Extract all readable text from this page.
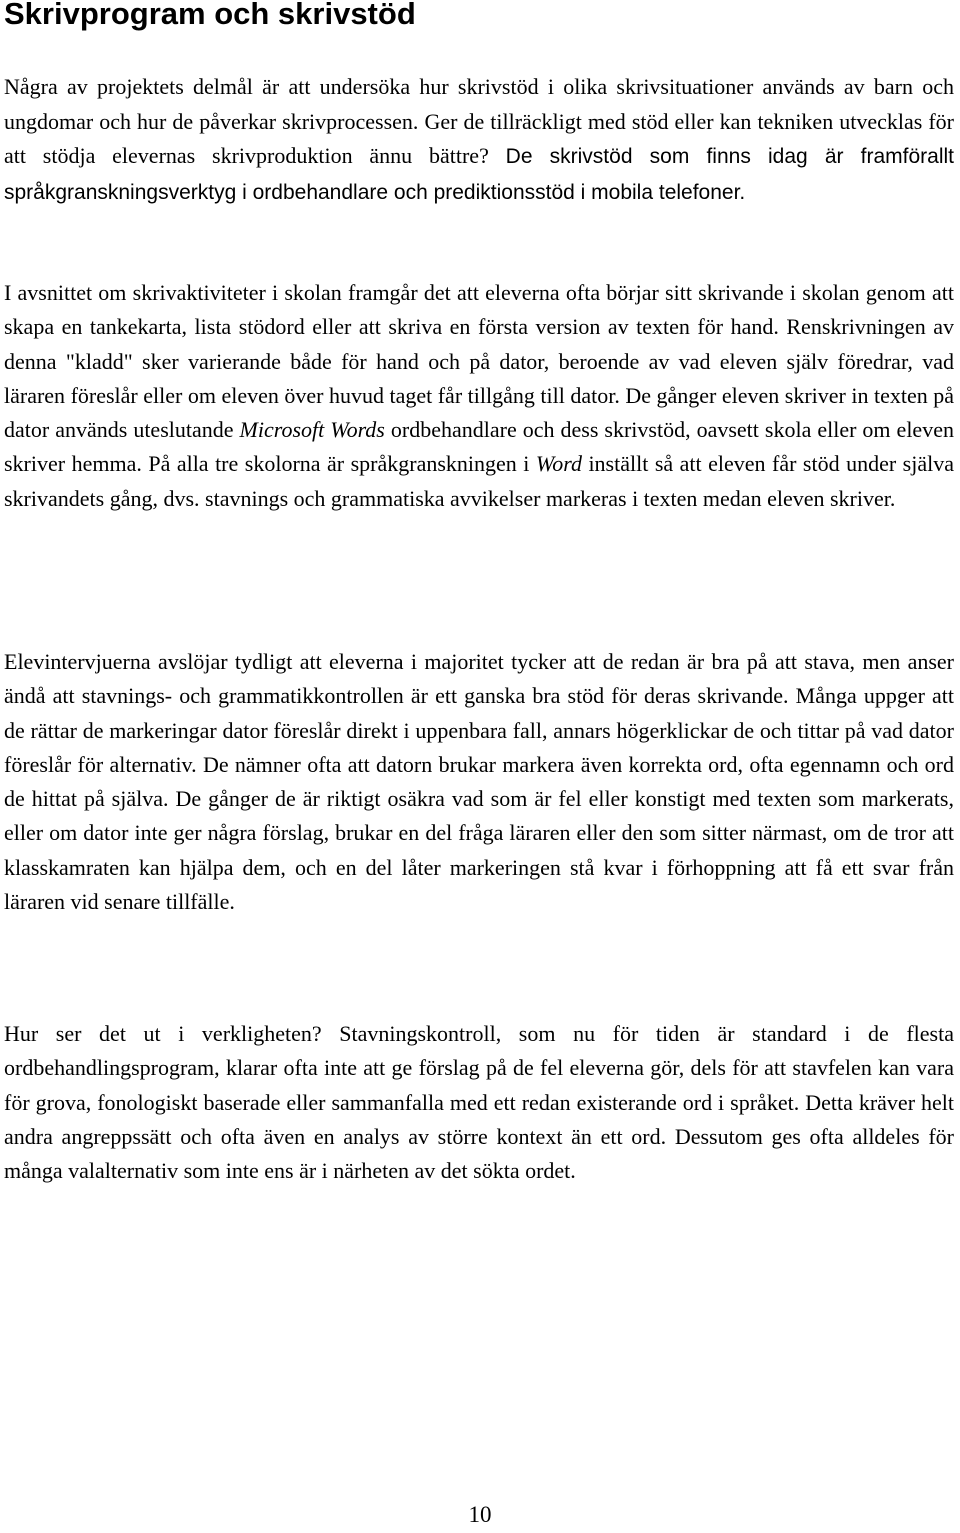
Skrivprogram och skrivstöd

Några av projektets delmål är att undersöka hur skrivstöd i olika skrivsituationer används av barn och ungdomar och hur de påverkar skrivprocessen. Ger de tillräckligt med stöd eller kan tekniken utvecklas för att stödja elevernas skrivproduktion ännu bättre? De skrivstöd som finns idag är framförallt språkgranskningsverktyg i ordbehandlare och prediktionsstöd i mobila telefoner.

I avsnittet om skrivaktiviteter i skolan framgår det att eleverna ofta börjar sitt skrivande i skolan genom att skapa en tankekarta, lista stödord eller att skriva en första version av texten för hand. Renskrivningen av denna "kladd" sker varierande både för hand och på dator, beroende av vad eleven själv föredrar, vad läraren föreslår eller om eleven över huvud taget får tillgång till dator. De gånger eleven skriver in texten på dator används uteslutande Microsoft Words ordbehandlare och dess skrivstöd, oavsett skola eller om eleven skriver hemma. På alla tre skolorna är språkgranskningen i Word inställt så att eleven får stöd under själva skrivandets gång, dvs. stavnings och grammatiska avvikelser markeras i texten medan eleven skriver.

Elevintervjuerna avslöjar tydligt att eleverna i majoritet tycker att de redan är bra på att stava, men anser ändå att stavnings- och grammatikkontrollen är ett ganska bra stöd för deras skrivande. Många uppger att de rättar de markeringar dator föreslår direkt i uppenbara fall, annars högerklickar de och tittar på vad dator föreslår för alternativ. De nämner ofta att datorn brukar markera även korrekta ord, ofta egennamn och ord de hittat på själva. De gånger de är riktigt osäkra vad som är fel eller konstigt med texten som markerats, eller om dator inte ger några förslag, brukar en del fråga läraren eller den som sitter närmast, om de tror att klasskamraten kan hjälpa dem, och en del låter markeringen stå kvar i förhoppning att få ett svar från läraren vid senare tillfälle.

Hur ser det ut i verkligheten? Stavningskontroll, som nu för tiden är standard i de flesta ordbehandlingsprogram, klarar ofta inte att ge förslag på de fel eleverna gör, dels för att stavfelen kan vara för grova, fonologiskt baserade eller sammanfalla med ett redan existerande ord i språket. Detta kräver helt andra angreppssätt och ofta även en analys av större kontext än ett ord. Dessutom ges ofta alldeles för många valalternativ som inte ens är i närheten av det sökta ordet.

10
